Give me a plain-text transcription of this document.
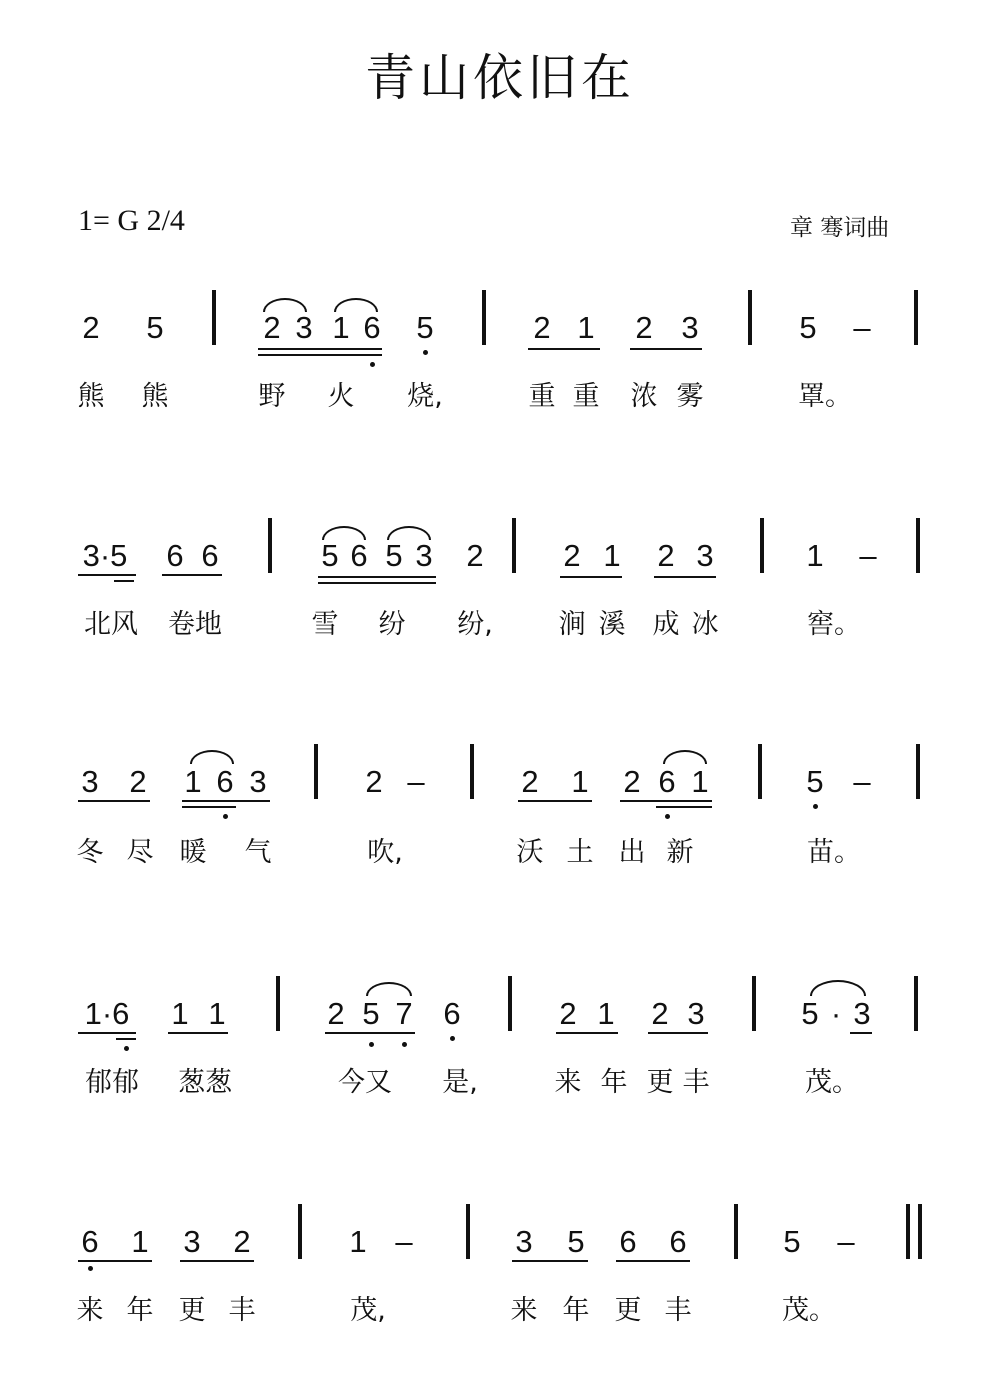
青山依旧在
1= G 2/4	章 骞词曲
2 5	2 3 1 6 5	2 1 2 3	5 –
熊 熊	野 火 烧,	重 重 浓 雾	罩。
3·5 6 6	5 6 5 3 2	2 1 2 3	1 –
北风 卷地	雪 纷 纷, 涧 溪 成 冰	窖。
3 2 1 6 3	2 –	2 1 2 6 1	5 –
冬 尽 暖 气	吹,	沃 土 出 新	苗。
1·6 1 1	2 5 7 6	2 1 2 3	5 · 3
郁郁 葱葱	今又	是,	来 年 更 丰	茂。
6 1 3 2	1 –	3 5 6 6	5 –
来 年 更 丰	茂,	来 年 更 丰	茂。
